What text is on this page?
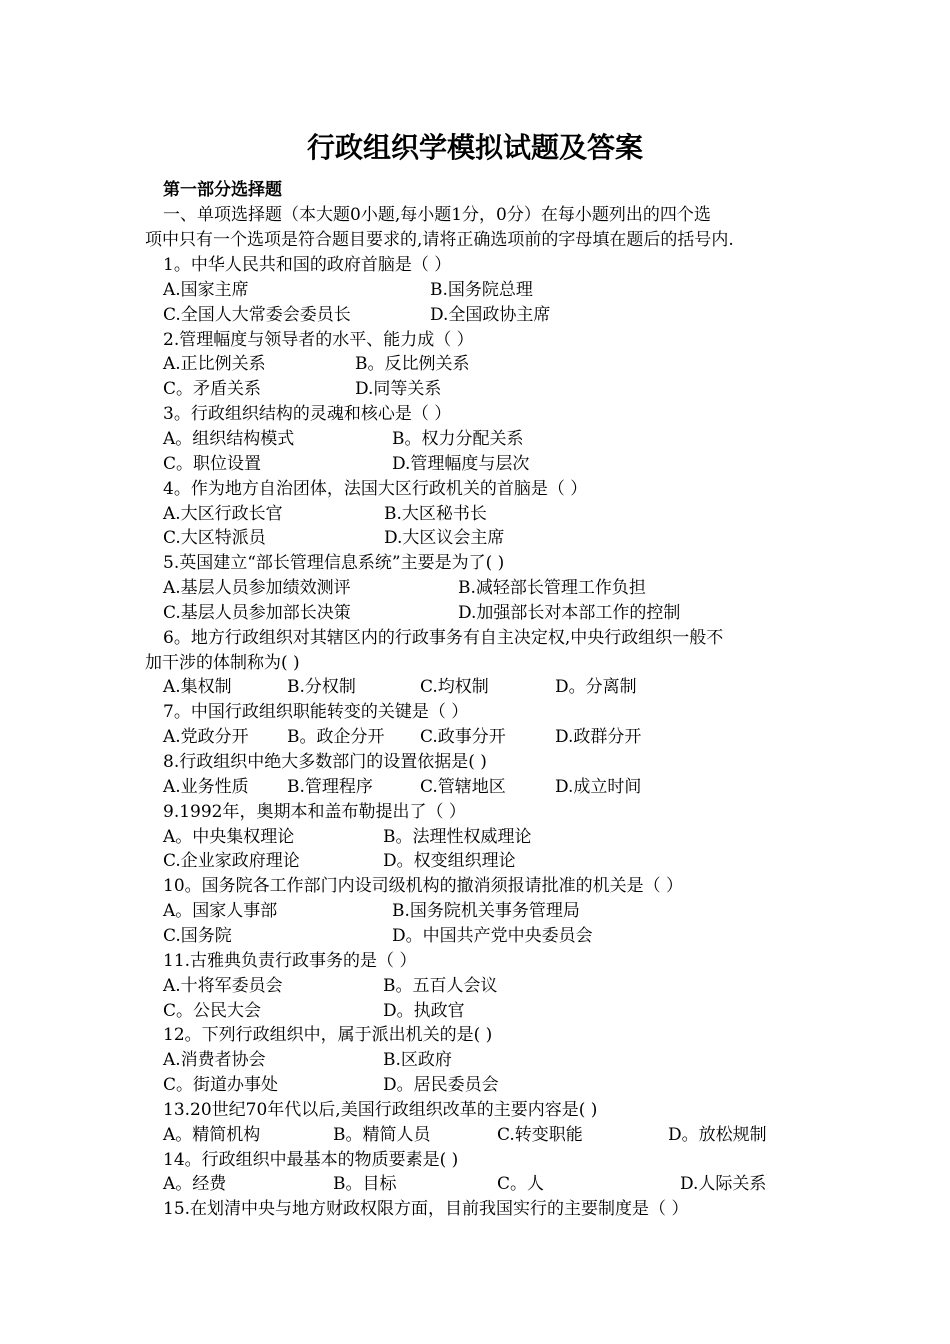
行政组织学模拟试题及答案
第一部分选择题
一、单项选择题（本大题0小题,每小题1分，0分）在每小题列出的四个选
项中只有一个选项是符合题目要求的,请将正确选项前的字母填在题后的括号内.
1。中华人民共和国的政府首脑是（ ）
A.国家主席	B.国务院总理
C.全国人大常委会委员长	D.全国政协主席
2.管理幅度与领导者的水平、能力成（ ）
A.正比例关系	B。反比例关系
C。矛盾关系	D.同等关系
3。行政组织结构的灵魂和核心是（ ）
A。组织结构模式	B。权力分配关系
C。职位设置	D.管理幅度与层次
4。作为地方自治团体，法国大区行政机关的首脑是（ ）
A.大区行政长官	B.大区秘书长
C.大区特派员	D.大区议会主席
5.英国建立“部长管理信息系统”主要是为了( )
A.基层人员参加绩效测评	B.减轻部长管理工作负担
C.基层人员参加部长决策	D.加强部长对本部工作的控制
6。地方行政组织对其辖区内的行政事务有自主决定权,中央行政组织一般不
加干涉的体制称为( )
A.集权制	B.分权制	C.均权制	D。分离制
7。中国行政组织职能转变的关键是（ ）
A.党政分开 B。政企分开 C.政事分开	D.政群分开
8.行政组织中绝大多数部门的设置依据是( )
A.业务性质 B.管理程序	C.管辖地区	D.成立时间
9.1992年，奥期本和盖布勒提出了（ ）
A。中央集权理论	B。法理性权威理论
C.企业家政府理论	D。权变组织理论
10。国务院各工作部门内设司级机构的撤消须报请批准的机关是（ ）
A。国家人事部	B.国务院机关事务管理局
C.国务院	D。中国共产党中央委员会
11.古雅典负责行政事务的是（ ）
A.十将军委员会	B。五百人会议
C。公民大会	D。执政官
12。下列行政组织中，属于派出机关的是( )
A.消费者协会	B.区政府
C。街道办事处	D。居民委员会
13.20世纪70年代以后,美国行政组织改革的主要内容是( )
A。精简机构	B。精简人员	C.转变职能	D。放松规制
14。行政组织中最基本的物质要素是( )
A。经费	B。目标	C。人	D.人际关系
15.在划清中央与地方财政权限方面，目前我国实行的主要制度是（ ）
